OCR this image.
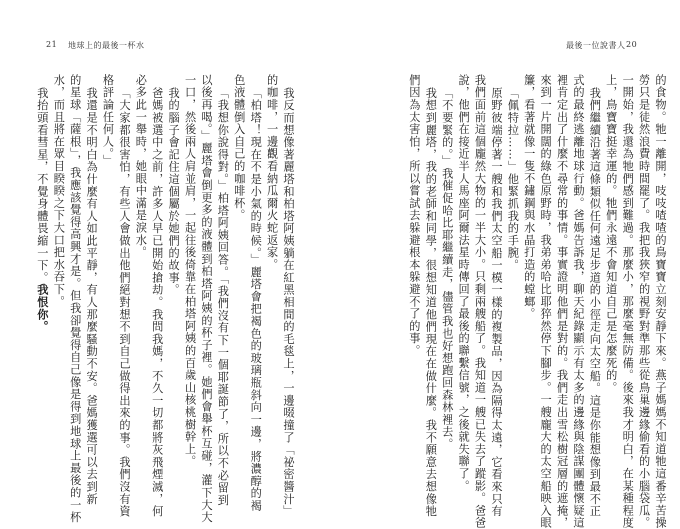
21 地球上的最後一杯水
我反而想像著麗塔和柏塔阿姨躺在紅黑相間的毛毯上，一邊啜撞了「祕密醬汁」
的咖啡，一邊觀看納瓜爾火蛇返家。
「柏塔！現在不是小氣的時候。」麗塔會把褐色的玻璃瓶斜向一邊，將濃醇的褐
色液體倒入自己的咖啡杯。
「我想你說得對。」柏塔阿姨回答。「我們沒有下一個耶誕節了，所以不必留到
以後再喝。」麗塔會倒更多的液體到柏塔阿姨的杯子裡。她們會舉杯互碰，灌下大大
一口，然後兩人肩並肩，一起往後倚靠在柏塔阿姨的百歲山核桃樹幹上。
我的腦子會記住這個屬於她們的故事。
爸媽被選中之前，許多人早已開始搶劫。我問我媽，不久一切都將灰飛煙滅，何
必多此一舉時，她眼中滿是淚水。
「大家都很害怕，有些人會做出他們絕對想不到自己做得出來的事。我們沒有資
格評論任何人。」
我還是不明白為什麼有人如此平靜，有人那麼騷動不安。爸媽獲選可以去到新
的星球「薩根」，我應該覺得高興才是。但我卻覺得自己像是得到地球上最後的一杯
水，而且將在眾目睽睽之下大口把水吞下。
我抬頭看彗星，不覺身體畏縮一下。我恨你。
最後一位說書人 20
的食物。牠一離開，吱吱喳喳的鳥寶寶立刻安靜下來。燕子媽媽不知道牠這番辛苦操
勞只是徒然浪費時間罷了。我把我狹窄的視野對準那些從鳥巢邊緣偷看的小腦袋瓜。
一開始，我還為牠們感到難過。那麼小，那麼毫無防備。後來我才明白，在某種程度
上，鳥寶寶挺幸運的。牠們永遠不會知道自己是怎麼死的。
我們繼續沿著這條類似任何遠足步道的小徑走向太空船。這是你能想像到最不正
式的最終逃離地球行動。爸媽告訴我，聊天紀錄顯示有太多的邊緣與陰謀團體懷疑這
裡肯定出了什麼不尋常的事情。事實證明他們是對的。我們走出雪松樹冠層的遮掩，
來到一片開闊的綠色原野時，我弟弟哈比耶猝然停下腳步。一艘龐大的太空船映入眼
簾，看著就像一隻不鏽鋼與水晶打造的螳螂。
「佩特拉……」他緊抓我的手腕。
原野彼端停著一艘和我們太空船一模一樣的複製品，因為隔得太遠，它看來只有
我們面前這個龐然大物的一半大小。只剩兩艘船了。我知道一艘已失去了蹤影。爸爸
說，他們在接近半人馬座阿爾法星時傳回了最後的聯繫信號，之後就失聯了。
「不要緊的。」我催促哈比耶繼續走，儘管我也好想跑回森林裡去。
我想到麗塔，我的老師和同學，很想知道他們現在在做什麼。我不願意去想像牠
們因為太害怕，所以嘗試去躲避根本躲避不了的事。
